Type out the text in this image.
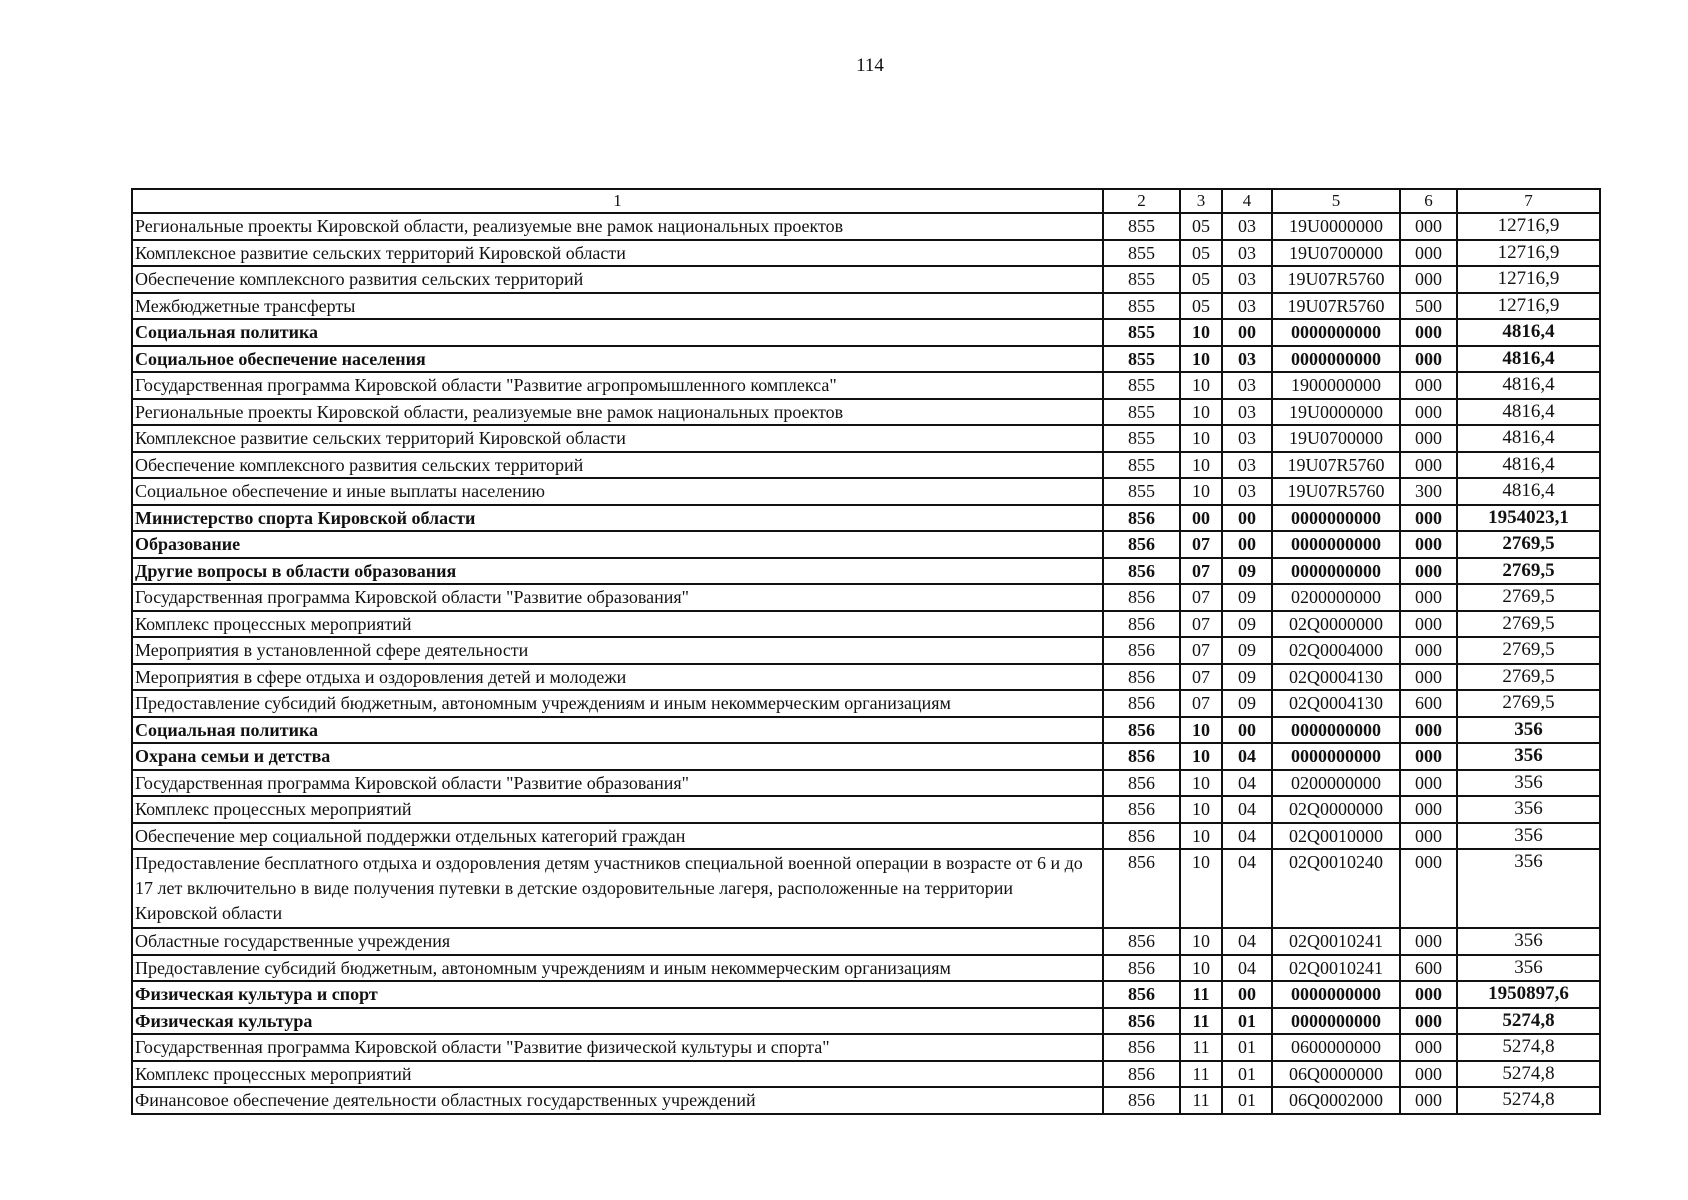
114
1	2	3	4	5	6	7
Региональные проекты Кировской области, реализуемые вне рамок национальных проектов	855	05	03	19U0000000	000	12716,9
Комплексное развитие сельских территорий Кировской области	855	05	03	19U0700000	000	12716,9
Обеспечение комплексного развития сельских территорий	855	05	03	19U07R5760	000	12716,9
Межбюджетные трансферты	855	05	03	19U07R5760	500	12716,9
Социальная политика	855	10	00	0000000000	000	4816,4
Социальное обеспечение населения	855	10	03	0000000000	000	4816,4
Государственная программа Кировской области "Развитие агропромышленного комплекса"	855	10	03	1900000000	000	4816,4
Региональные проекты Кировской области, реализуемые вне рамок национальных проектов	855	10	03	19U0000000	000	4816,4
Комплексное развитие сельских территорий Кировской области	855	10	03	19U0700000	000	4816,4
Обеспечение комплексного развития сельских территорий	855	10	03	19U07R5760	000	4816,4
Социальное обеспечение и иные выплаты населению	855	10	03	19U07R5760	300	4816,4
Министерство спорта Кировской области	856	00	00	0000000000	000	1954023,1
Образование	856	07	00	0000000000	000	2769,5
Другие вопросы в области образования	856	07	09	0000000000	000	2769,5
Государственная программа Кировской области "Развитие образования"	856	07	09	0200000000	000	2769,5
Комплекс процессных мероприятий	856	07	09	02Q0000000	000	2769,5
Мероприятия в установленной сфере деятельности	856	07	09	02Q0004000	000	2769,5
Мероприятия в сфере отдыха и оздоровления детей и молодежи	856	07	09	02Q0004130	000	2769,5
Предоставление субсидий бюджетным, автономным учреждениям и иным некоммерческим организациям	856	07	09	02Q0004130	600	2769,5
Социальная политика	856	10	00	0000000000	000	356
Охрана семьи и детства	856	10	04	0000000000	000	356
Государственная программа Кировской области "Развитие образования"	856	10	04	0200000000	000	356
Комплекс процессных мероприятий	856	10	04	02Q0000000	000	356
Обеспечение мер социальной поддержки отдельных категорий граждан	856	10	04	02Q0010000	000	356
Предоставление бесплатного отдыха и оздоровления детям участников специальной военной операции в возрасте от 6 и до 17 лет включительно в виде получения путевки в детские оздоровительные лагеря, расположенные на территории Кировской области	856	10	04	02Q0010240	000	356
Областные государственные учреждения	856	10	04	02Q0010241	000	356
Предоставление субсидий бюджетным, автономным учреждениям и иным некоммерческим организациям	856	10	04	02Q0010241	600	356
Физическая культура и спорт	856	11	00	0000000000	000	1950897,6
Физическая культура	856	11	01	0000000000	000	5274,8
Государственная программа Кировской области "Развитие физической культуры и спорта"	856	11	01	0600000000	000	5274,8
Комплекс процессных мероприятий	856	11	01	06Q0000000	000	5274,8
Финансовое обеспечение деятельности областных государственных учреждений	856	11	01	06Q0002000	000	5274,8
